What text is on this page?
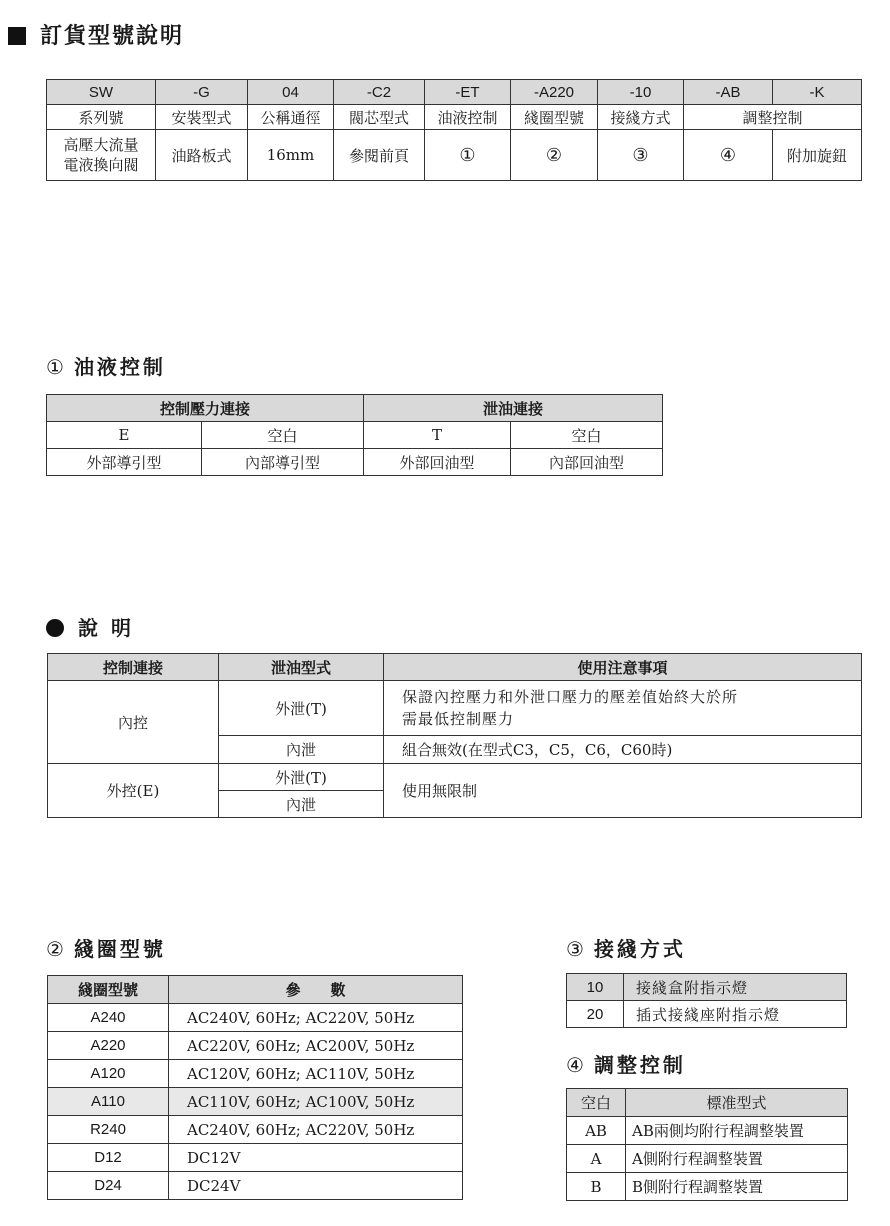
訂貨型號說明
SW	-G	04	-C2	-ET	-A220	-10	-AB	-K
系列號	安裝型式	公稱通徑	閥芯型式	油液控制	綫圈型號	接綫方式	調整控制	

高壓大流量
電液換向閥	油路板式	16mm	參閱前頁	①	②	③	④	附加旋鈕
① 油液控制
控制壓力連接		泄油連接	
E	空白	T	空白
外部導引型	內部導引型	外部回油型	內部回油型
說 明
控制連接	泄油型式	使用注意事項
內控	外泄(T)	保證內控壓力和外泄口壓力的壓差值始終大於所
需最低控制壓力

	內泄	組合無效(在型式C3，C5，C6，C60時)
外控(E)	外泄(T)	使用無限制
	內泄	
② 綫圈型號
綫圈型號	參　　數
A240	AC240V, 60Hz; AC220V, 50Hz
A220	AC220V, 60Hz; AC200V, 50Hz
A120	AC120V, 60Hz; AC110V, 50Hz
A110	AC110V, 60Hz; AC100V, 50Hz
R240	AC240V, 60Hz; AC220V, 50Hz
D12	DC12V
D24	DC24V
③ 接綫方式
10	接綫盒附指示燈
20	插式接綫座附指示燈
④ 調整控制
空白	標准型式
AB	AB兩側均附行程調整裝置
A	A側附行程調整裝置
B	B側附行程調整裝置
